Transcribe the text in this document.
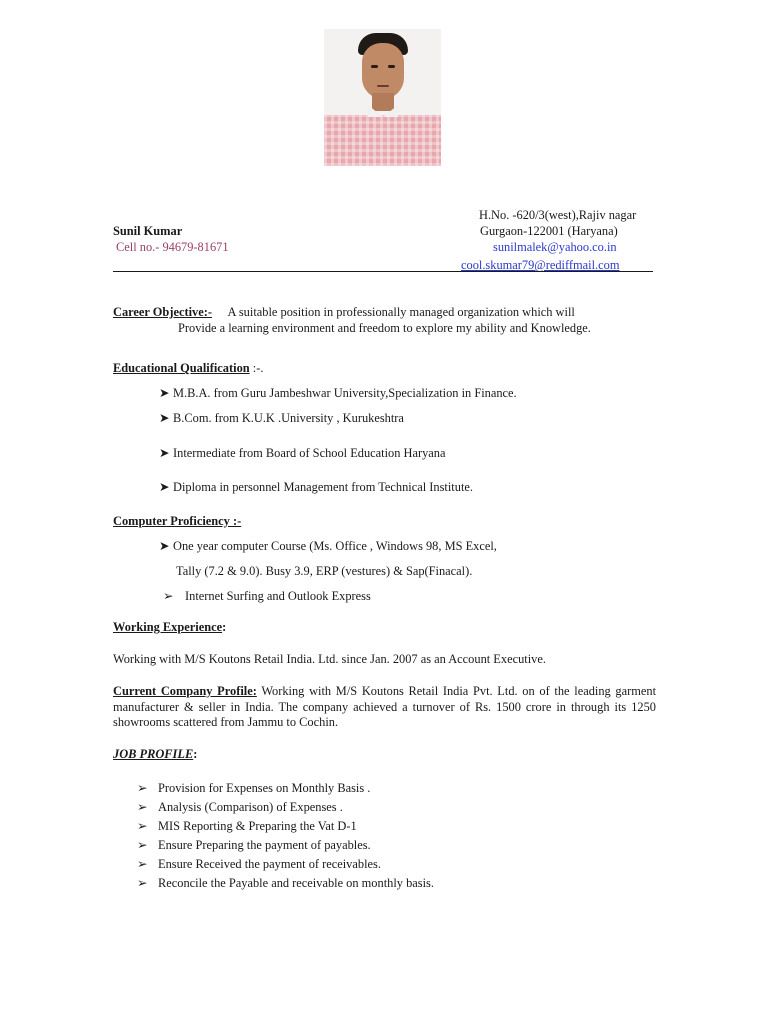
H.No. -620/3(west),Rajiv nagar
Sunil Kumar	Gurgaon-122001 (Haryana)
Cell no.- 94679-81671	sunilmalek@yahoo.co.in
cool.skumar79@rediffmail.com
Career Objective:- A suitable position in professionally managed organization which will
Provide a learning environment and freedom to explore my ability and Knowledge.
Educational Qualification :-.
➤ M.B.A. from Guru Jambeshwar University,Specialization in Finance.
➤ B.Com. from K.U.K .University , Kurukeshtra
➤ Intermediate from Board of School Education Haryana
➤ Diploma in personnel Management from Technical Institute.
Computer Proficiency :-
➤ One year computer Course (Ms. Office , Windows 98, MS Excel,
Tally (7.2 & 9.0). Busy 3.9, ERP (vestures) & Sap(Finacal).
➢ Internet Surfing and Outlook Express
Working Experience:
Working with M/S Koutons Retail India. Ltd. since Jan. 2007 as an Account Executive.
Current Company Profile: Working with M/S Koutons Retail India Pvt. Ltd. on of the leading garment manufacturer & seller in India. The company achieved a turnover of Rs. 1500 crore in through its 1250 showrooms scattered from Jammu to Cochin.
JOB PROFILE:
➢ Provision for Expenses on Monthly Basis .
➢ Analysis (Comparison) of Expenses .
➢ MIS Reporting & Preparing the Vat D-1
➢ Ensure Preparing the payment of payables.
➢ Ensure Received the payment of receivables.
➢ Reconcile the Payable and receivable on monthly basis.
